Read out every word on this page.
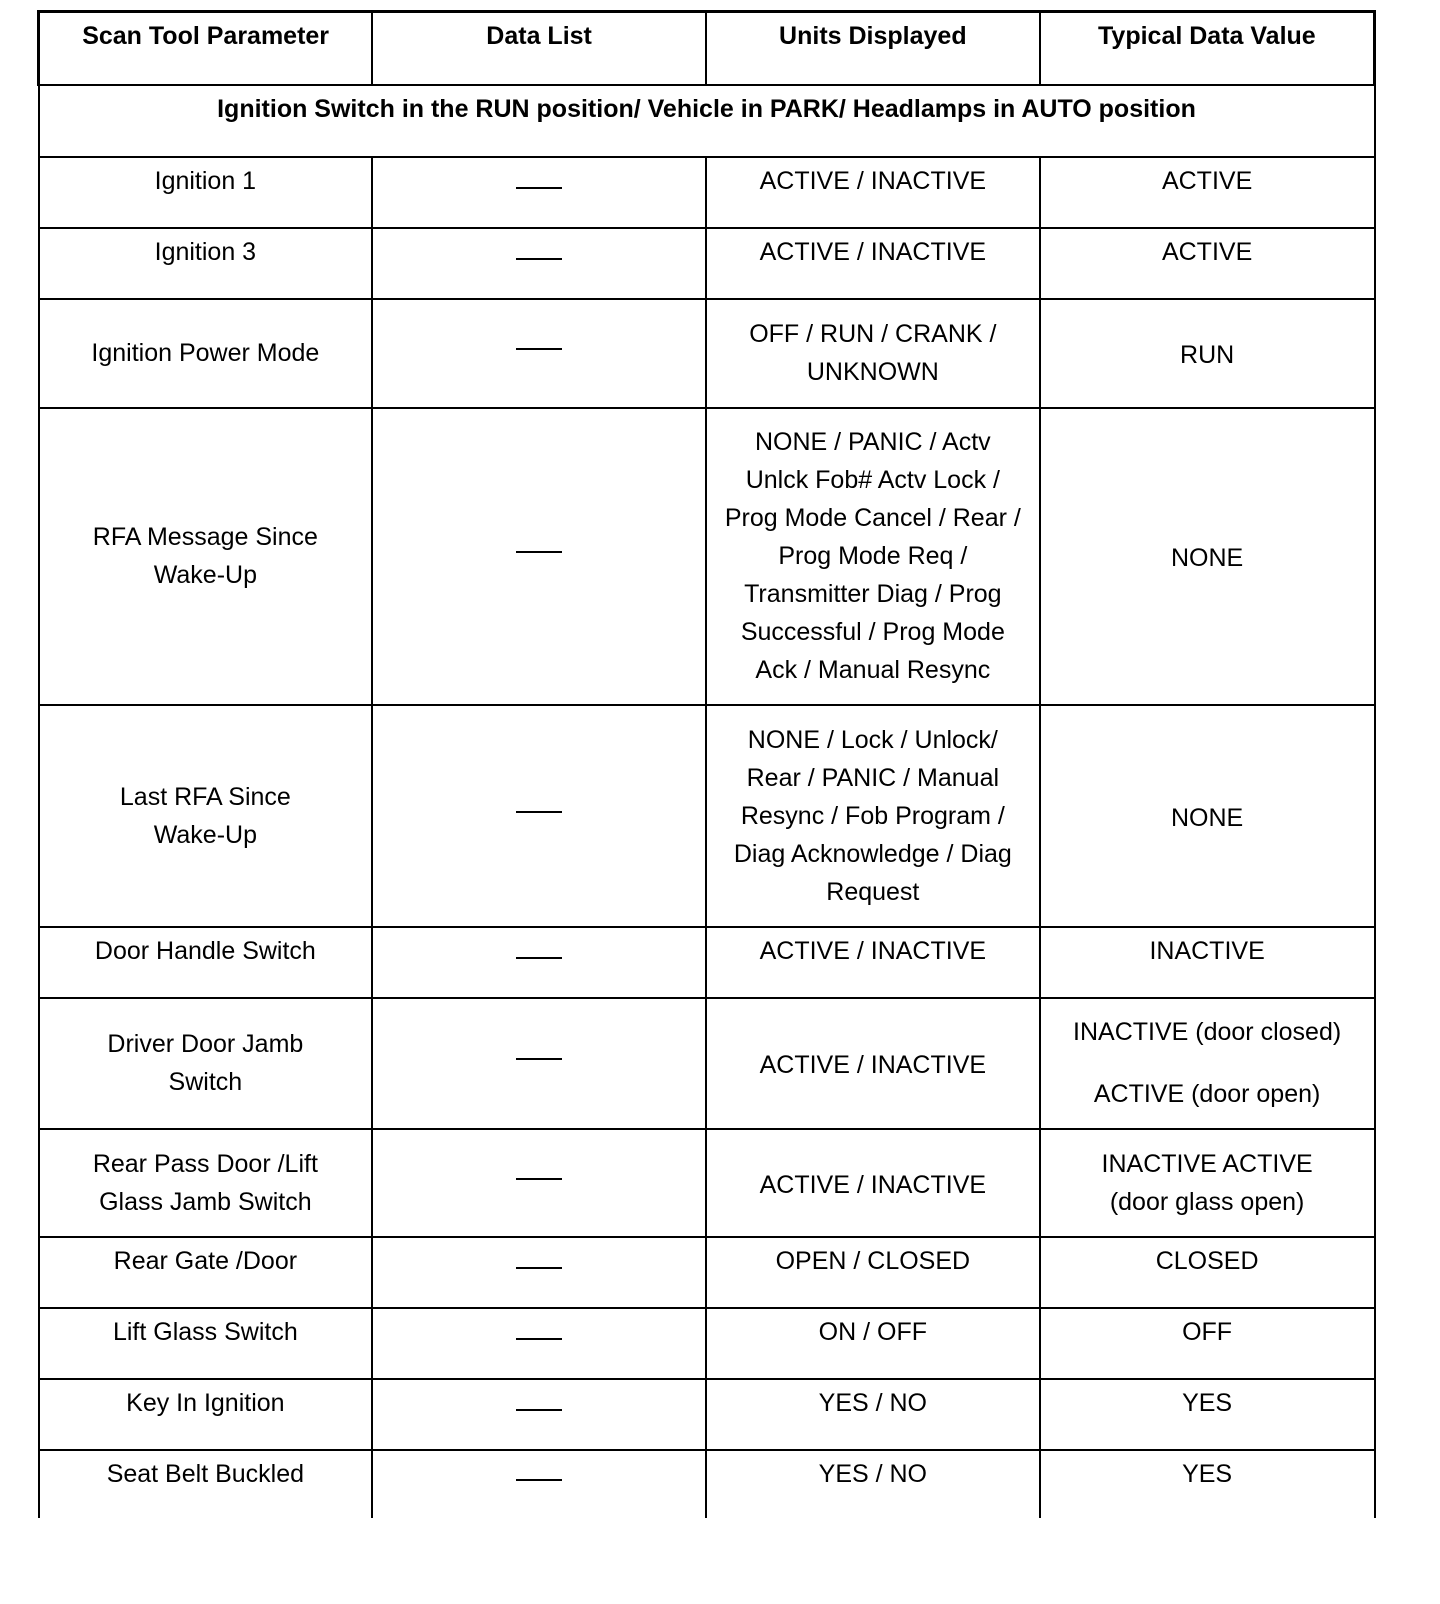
Scan Tool Parameter	Data List	Units Displayed	Typical Data Value
Ignition Switch in the RUN position/ Vehicle in PARK/ Headlamps in AUTO position			
Ignition 1		ACTIVE / INACTIVE	ACTIVE
Ignition 3		ACTIVE / INACTIVE	ACTIVE
Ignition Power Mode		OFF / RUN / CRANK / UNKNOWN	RUN
RFA Message Since Wake-Up		NONE / PANIC / Actv Unlck Fob# Actv Lock / Prog Mode Cancel / Rear / Prog Mode Req / Transmitter Diag / Prog Successful / Prog Mode Ack / Manual Resync	NONE
Last RFA Since Wake-Up		NONE / Lock / Unlock/ Rear / PANIC / Manual Resync / Fob Program / Diag Acknowledge / Diag Request	NONE
Door Handle Switch		ACTIVE / INACTIVE	INACTIVE
Driver Door Jamb Switch		ACTIVE / INACTIVE	INACTIVE (door closed)
ACTIVE (door open)

Rear Pass Door /Lift Glass Jamb Switch		ACTIVE / INACTIVE	INACTIVE ACTIVE (door glass open)
Rear Gate /Door		OPEN / CLOSED	CLOSED
Lift Glass Switch		ON / OFF	OFF
Key In Ignition		YES / NO	YES
Seat Belt Buckled		YES / NO	YES
